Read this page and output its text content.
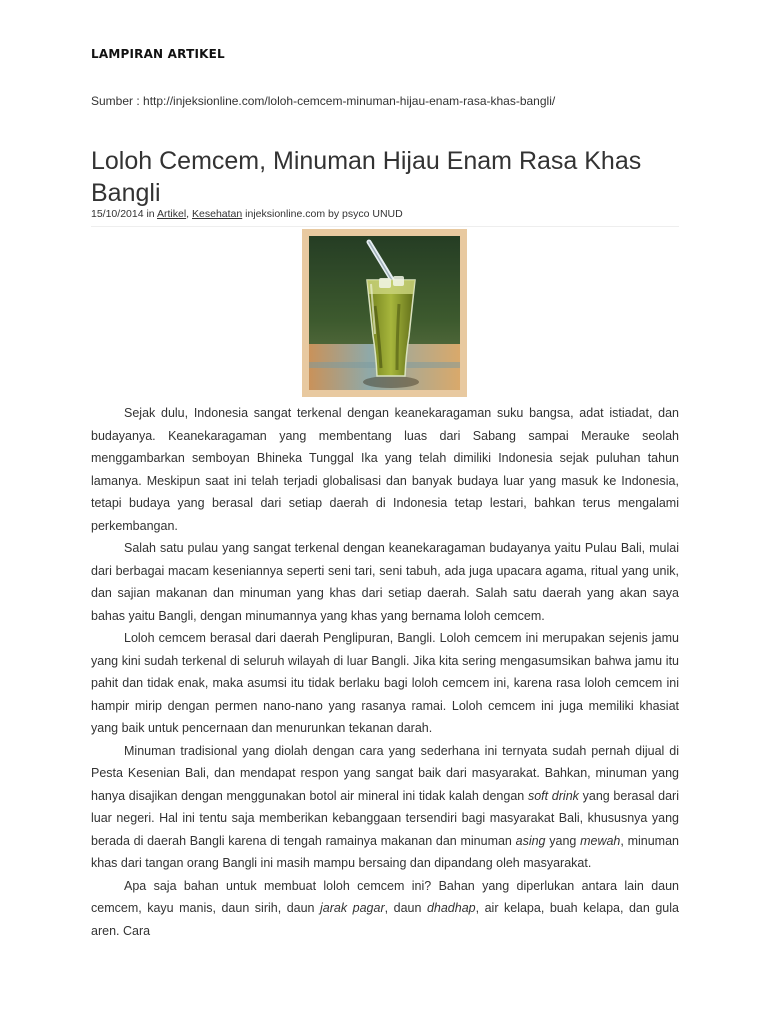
LAMPIRAN ARTIKEL
Sumber : http://injeksionline.com/loloh-cemcem-minuman-hijau-enam-rasa-khas-bangli/
Loloh Cemcem, Minuman Hijau Enam Rasa Khas Bangli
15/10/2014 in Artikel, Kesehatan injeksionline.com by psyco UNUD

Sejak dulu, Indonesia sangat terkenal dengan keanekaragaman suku bangsa, adat istiadat, dan budayanya. Keanekaragaman yang membentang luas dari Sabang sampai Merauke seolah menggambarkan semboyan Bhineka Tunggal Ika yang telah dimiliki Indonesia sejak puluhan tahun lamanya. Meskipun saat ini telah terjadi globalisasi dan banyak budaya luar yang masuk ke Indonesia, tetapi budaya yang berasal dari setiap daerah di Indonesia tetap lestari, bahkan terus mengalami perkembangan.

Salah satu pulau yang sangat terkenal dengan keanekaragaman budayanya yaitu Pulau Bali, mulai dari berbagai macam keseniannya seperti seni tari, seni tabuh, ada juga upacara agama, ritual yang unik, dan sajian makanan dan minuman yang khas dari setiap daerah. Salah satu daerah yang akan saya bahas yaitu Bangli, dengan minumannya yang khas yang bernama loloh cemcem.

Loloh cemcem berasal dari daerah Penglipuran, Bangli. Loloh cemcem ini merupakan sejenis jamu yang kini sudah terkenal di seluruh wilayah di luar Bangli. Jika kita sering mengasumsikan bahwa jamu itu pahit dan tidak enak, maka asumsi itu tidak berlaku bagi loloh cemcem ini, karena rasa loloh cemcem ini hampir mirip dengan permen nano-nano yang rasanya ramai. Loloh cemcem ini juga memiliki khasiat yang baik untuk pencernaan dan menurunkan tekanan darah.

Minuman tradisional yang diolah dengan cara yang sederhana ini ternyata sudah pernah dijual di Pesta Kesenian Bali, dan mendapat respon yang sangat baik dari masyarakat. Bahkan, minuman yang hanya disajikan dengan menggunakan botol air mineral ini tidak kalah dengan soft drink yang berasal dari luar negeri. Hal ini tentu saja memberikan kebanggaan tersendiri bagi masyarakat Bali, khususnya yang berada di daerah Bangli karena di tengah ramainya makanan dan minuman asing yang mewah, minuman khas dari tangan orang Bangli ini masih mampu bersaing dan dipandang oleh masyarakat.

Apa saja bahan untuk membuat loloh cemcem ini? Bahan yang diperlukan antara lain daun cemcem, kayu manis, daun sirih, daun jarak pagar, daun dhadhap, air kelapa, buah kelapa, dan gula aren. Cara
